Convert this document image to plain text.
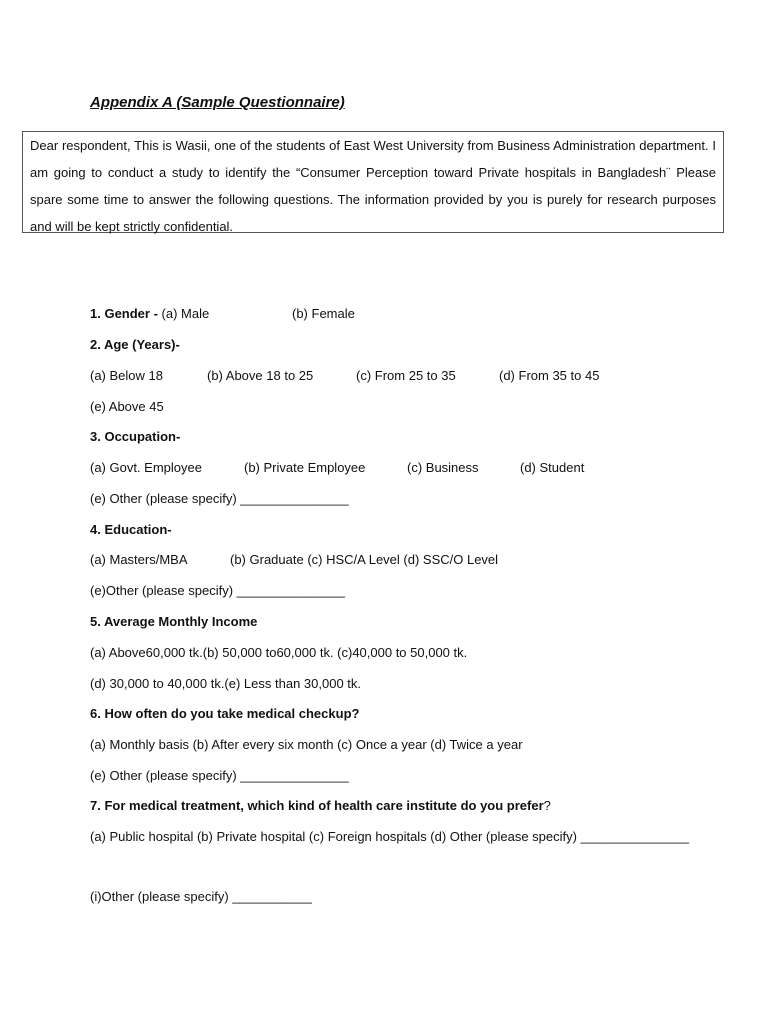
Appendix A (Sample Questionnaire)
Dear respondent, This is Wasii, one of the students of East West University from Business Administration department. I am going to conduct a study to identify the “Consumer Perception toward Private hospitals in Bangladesh¨ Please spare some time to answer the following questions. The information provided by you is purely for research purposes and will be kept strictly confidential.
1. Gender - (a) Male	(b) Female
2. Age (Years)-
(a) Below 18	(b) Above 18 to 25	(c) From 25 to 35	(d) From 35 to 45
(e) Above 45
3. Occupation-
(a) Govt. Employee	(b) Private Employee	(c) Business	(d) Student
(e) Other (please specify) _______________
4. Education-
(a) Masters/MBA	(b) Graduate (c) HSC/A Level (d) SSC/O Level
(e)Other (please specify) _______________
5. Average Monthly Income
(a) Above60,000 tk.(b) 50,000 to60,000 tk. (c)40,000 to 50,000 tk.
(d) 30,000 to 40,000 tk.(e) Less than 30,000 tk.
6. How often do you take medical checkup?
(a) Monthly basis (b) After every six month (c) Once a year (d) Twice a year
(e) Other (please specify) _______________
7. For medical treatment, which kind of health care institute do you prefer?
(a) Public hospital (b) Private hospital (c) Foreign hospitals (d) Other (please specify) _______________
(i)Other (please specify) ___________
